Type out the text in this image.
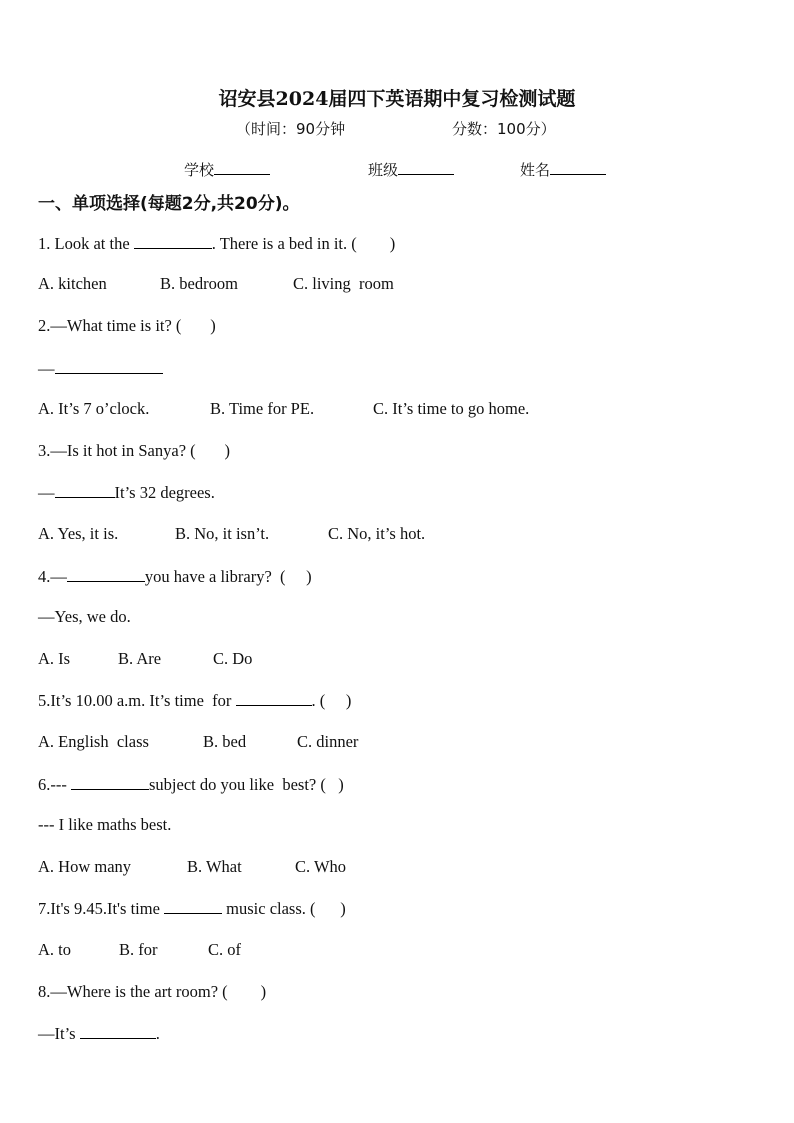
诏安县2024届四下英语期中复习检测试题
（时间：90分钟	分数：100分）
学校	班级	姓名
一、单项选择(每题2分,共20分)。
1. Look at the	. There is a bed in it. (        )
A. kitchen	B. bedroom	C. living  room
2.—What time is it? (       )
—
A. It’s 7 o’clock.	B. Time for PE.	C. It’s time to go home.
3.—Is it hot in Sanya? (       )
—	It’s 32 degrees.
A. Yes, it is.	B. No, it isn’t.	C. No, it’s hot.
4.—	you have a library?  (     )
—Yes, we do.
A. Is	B. Are	C. Do
5.It’s 10.00 a.m. It’s time  for	. (     )
A. English  class	B. bed	C. dinner
6.---	subject do you like  best? (   )
--- I like maths best.
A. How many	B. What	C. Who
7.It's 9.45.It's time	music class. (      )
A. to	B. for	C. of
8.—Where is the art room? (        )
—It’s	.
